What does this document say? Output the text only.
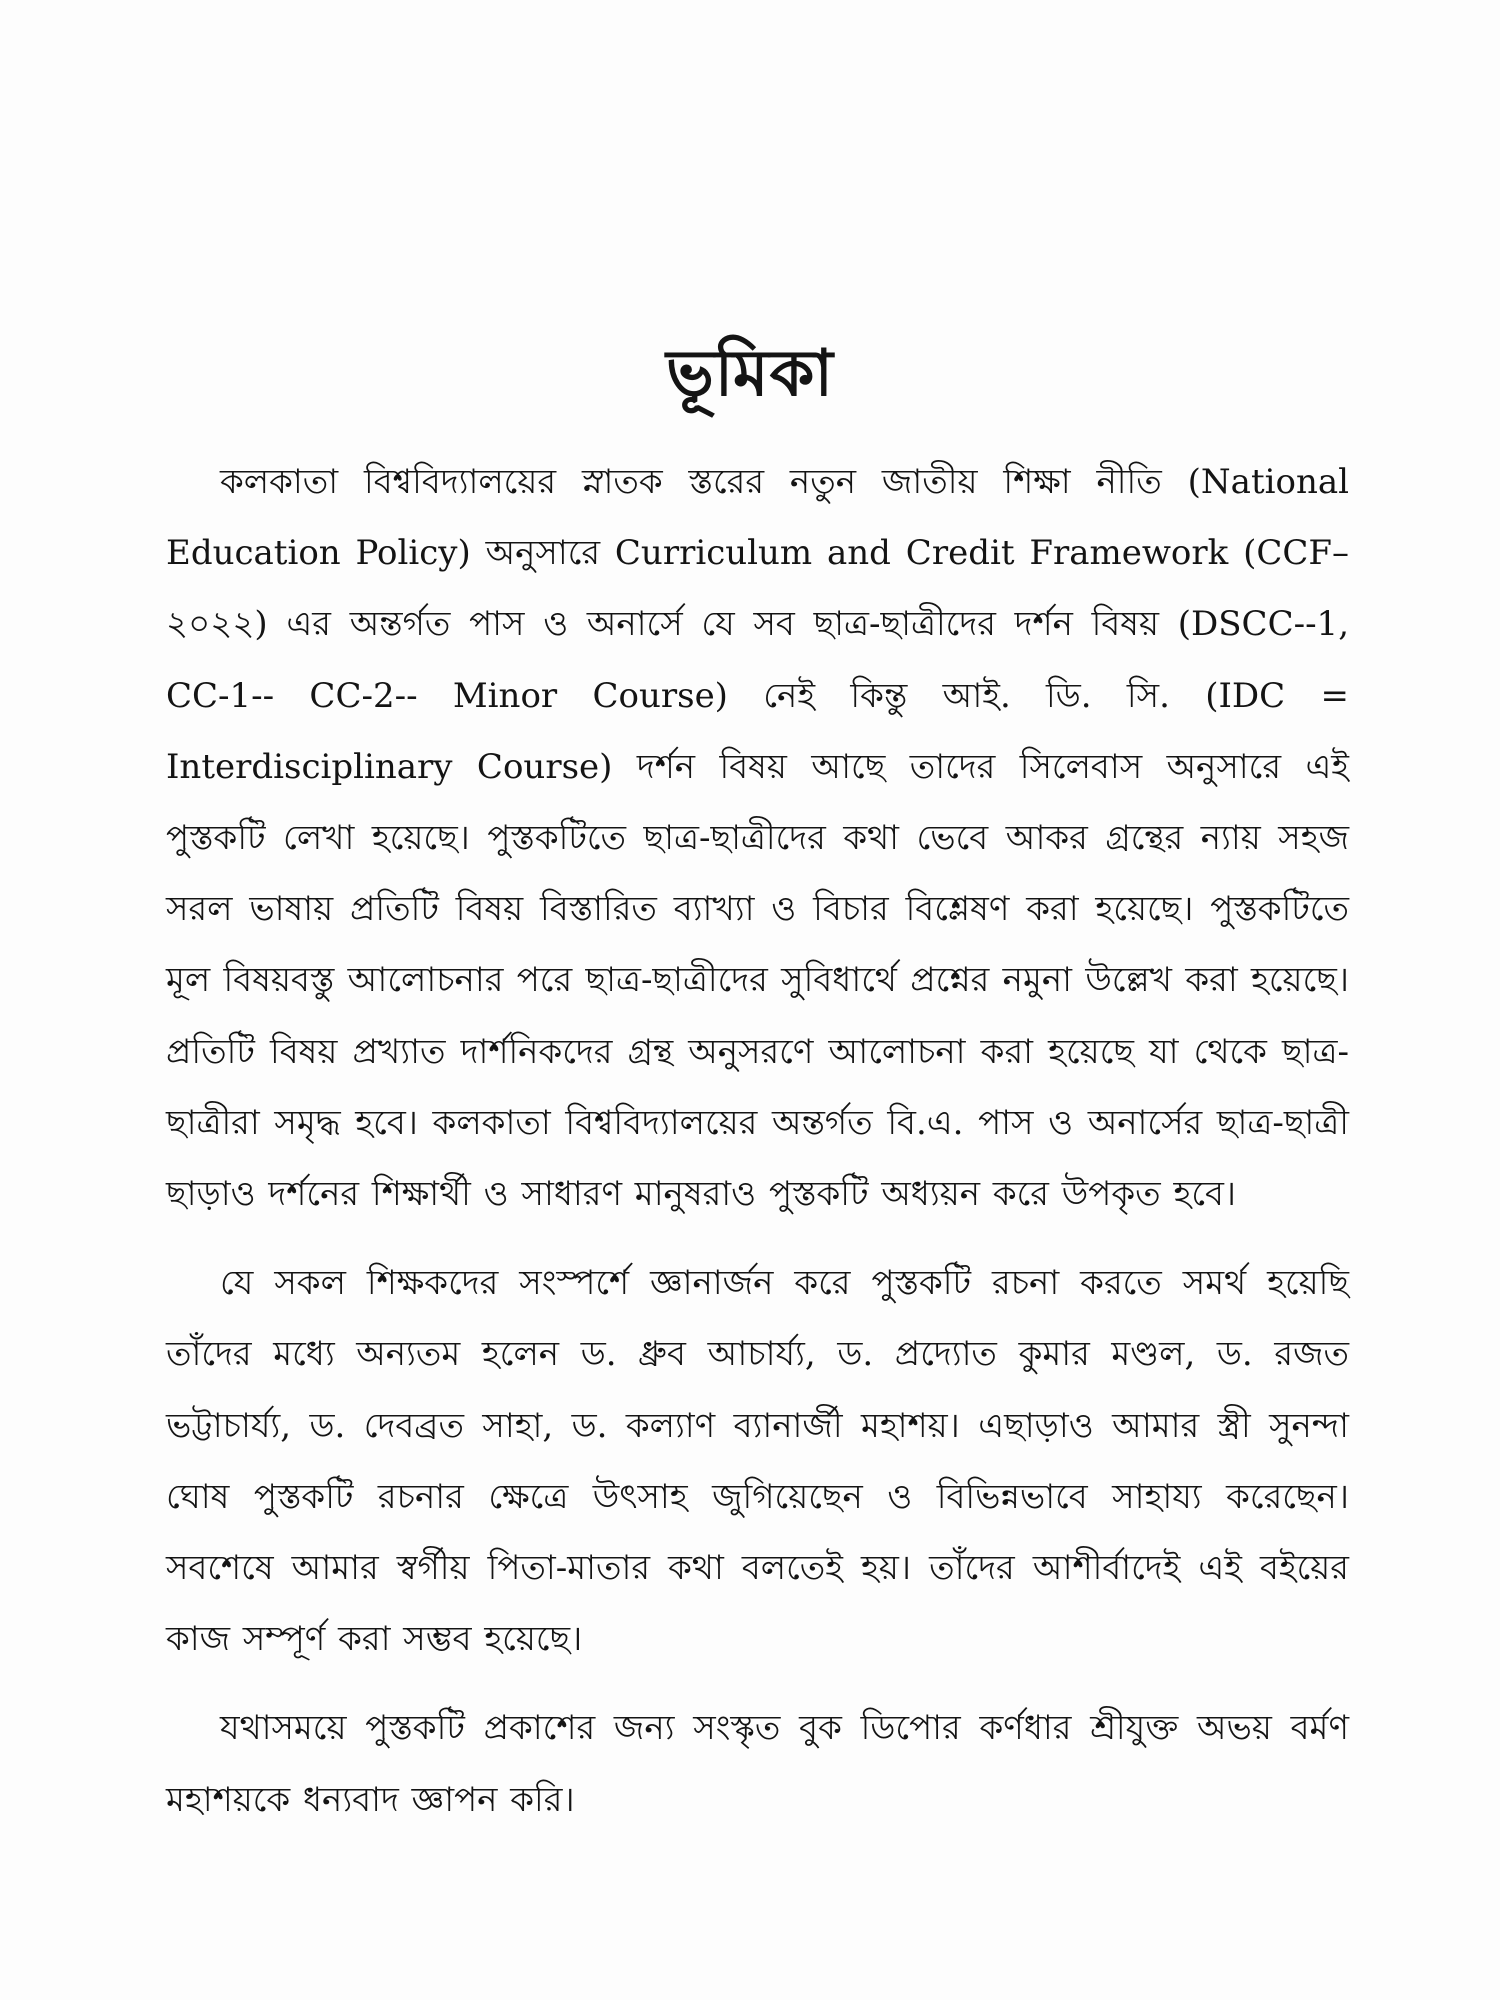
ভূমিকা

কলকাতা বিশ্ববিদ্যালয়ের স্নাতক স্তরের নতুন জাতীয় শিক্ষা নীতি (National Education Policy) অনুসারে Curriculum and Credit Framework (CCF– ২০২২) এর অন্তর্গত পাস ও অনার্সে যে সব ছাত্র-ছাত্রীদের দর্শন বিষয় (DSCC--1, CC-1-- CC-2-- Minor Course) নেই কিন্তু আই. ডি. সি. (IDC = Interdisciplinary Course) দর্শন বিষয় আছে তাদের সিলেবাস অনুসারে এই পুস্তকটি লেখা হয়েছে। পুস্তকটিতে ছাত্র-ছাত্রীদের কথা ভেবে আকর গ্রন্থের ন্যায় সহজ সরল ভাষায় প্রতিটি বিষয় বিস্তারিত ব্যাখ্যা ও বিচার বিশ্লেষণ করা হয়েছে। পুস্তকটিতে মূল বিষয়বস্তু আলোচনার পরে ছাত্র-ছাত্রীদের সুবিধার্থে প্রশ্নের নমুনা উল্লেখ করা হয়েছে। প্রতিটি বিষয় প্রখ্যাত দার্শনিকদের গ্রন্থ অনুসরণে আলোচনা করা হয়েছে যা থেকে ছাত্র-ছাত্রীরা সমৃদ্ধ হবে। কলকাতা বিশ্ববিদ্যালয়ের অন্তর্গত বি.এ. পাস ও অনার্সের ছাত্র-ছাত্রী ছাড়াও দর্শনের শিক্ষার্থী ও সাধারণ মানুষরাও পুস্তকটি অধ্যয়ন করে উপকৃত হবে।

যে সকল শিক্ষকদের সংস্পর্শে জ্ঞানার্জন করে পুস্তকটি রচনা করতে সমর্থ হয়েছি তাঁদের মধ্যে অন্যতম হলেন ড. ধ্রুব আচার্য্য, ড. প্রদ্যোত কুমার মণ্ডল, ড. রজত ভট্টাচার্য্য, ড. দেবব্রত সাহা, ড. কল্যাণ ব্যানার্জী মহাশয়। এছাড়াও আমার স্ত্রী সুনন্দা ঘোষ পুস্তকটি রচনার ক্ষেত্রে উৎসাহ জুগিয়েছেন ও বিভিন্নভাবে সাহায্য করেছেন। সবশেষে আমার স্বর্গীয় পিতা-মাতার কথা বলতেই হয়। তাঁদের আশীর্বাদেই এই বইয়ের কাজ সম্পূর্ণ করা সম্ভব হয়েছে।

যথাসময়ে পুস্তকটি প্রকাশের জন্য সংস্কৃত বুক ডিপোর কর্ণধার শ্রীযুক্ত অভয় বর্মণ মহাশয়কে ধন্যবাদ জ্ঞাপন করি।
